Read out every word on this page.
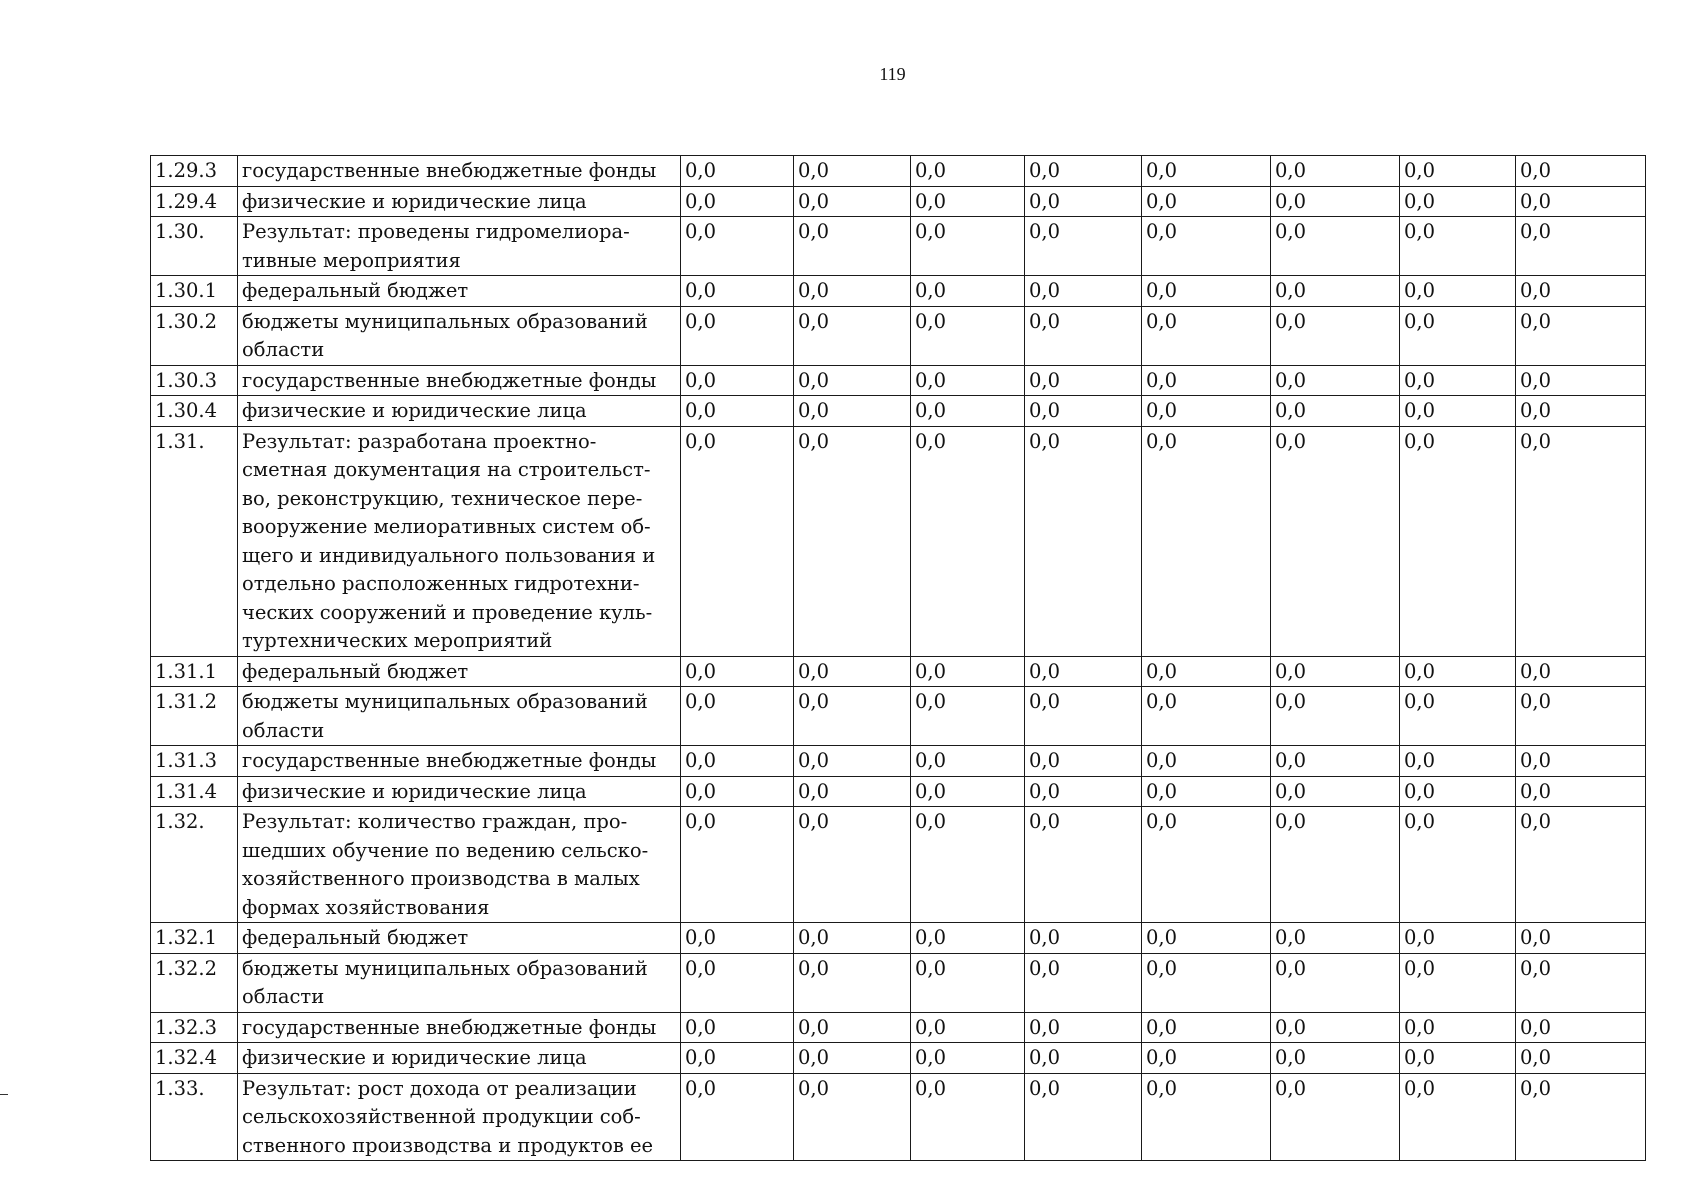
119
1.29.3	государственные внебюджетные фонды	0,0	0,0	0,0	0,0	0,0	0,0	0,0	0,0
1.29.4	физические и юридические лица	0,0	0,0	0,0	0,0	0,0	0,0	0,0	0,0
1.30.	Результат: проведены гидромелиора-тивные мероприятия	0,0	0,0	0,0	0,0	0,0	0,0	0,0	0,0
1.30.1	федеральный бюджет	0,0	0,0	0,0	0,0	0,0	0,0	0,0	0,0
1.30.2	бюджеты муниципальных образований области	0,0	0,0	0,0	0,0	0,0	0,0	0,0	0,0
1.30.3	государственные внебюджетные фонды	0,0	0,0	0,0	0,0	0,0	0,0	0,0	0,0
1.30.4	физические и юридические лица	0,0	0,0	0,0	0,0	0,0	0,0	0,0	0,0
1.31.	Результат: разработана проектно-сметная документация на строительст-во, реконструкцию, техническое пере-вооружение мелиоративных систем об-щего и индивидуального пользования и отдельно расположенных гидротехни-ческих сооружений и проведение куль-туртехнических мероприятий	0,0	0,0	0,0	0,0	0,0	0,0	0,0	0,0
1.31.1	федеральный бюджет	0,0	0,0	0,0	0,0	0,0	0,0	0,0	0,0
1.31.2	бюджеты муниципальных образований области	0,0	0,0	0,0	0,0	0,0	0,0	0,0	0,0
1.31.3	государственные внебюджетные фонды	0,0	0,0	0,0	0,0	0,0	0,0	0,0	0,0
1.31.4	физические и юридические лица	0,0	0,0	0,0	0,0	0,0	0,0	0,0	0,0
1.32.	Результат: количество граждан, про-шедших обучение по ведению сельско-хозяйственного производства в малых формах хозяйствования	0,0	0,0	0,0	0,0	0,0	0,0	0,0	0,0
1.32.1	федеральный бюджет	0,0	0,0	0,0	0,0	0,0	0,0	0,0	0,0
1.32.2	бюджеты муниципальных образований области	0,0	0,0	0,0	0,0	0,0	0,0	0,0	0,0
1.32.3	государственные внебюджетные фонды	0,0	0,0	0,0	0,0	0,0	0,0	0,0	0,0
1.32.4	физические и юридические лица	0,0	0,0	0,0	0,0	0,0	0,0	0,0	0,0
1.33.	Результат: рост дохода от реализации сельскохозяйственной продукции соб-ственного производства и продуктов ее	0,0	0,0	0,0	0,0	0,0	0,0	0,0	0,0
